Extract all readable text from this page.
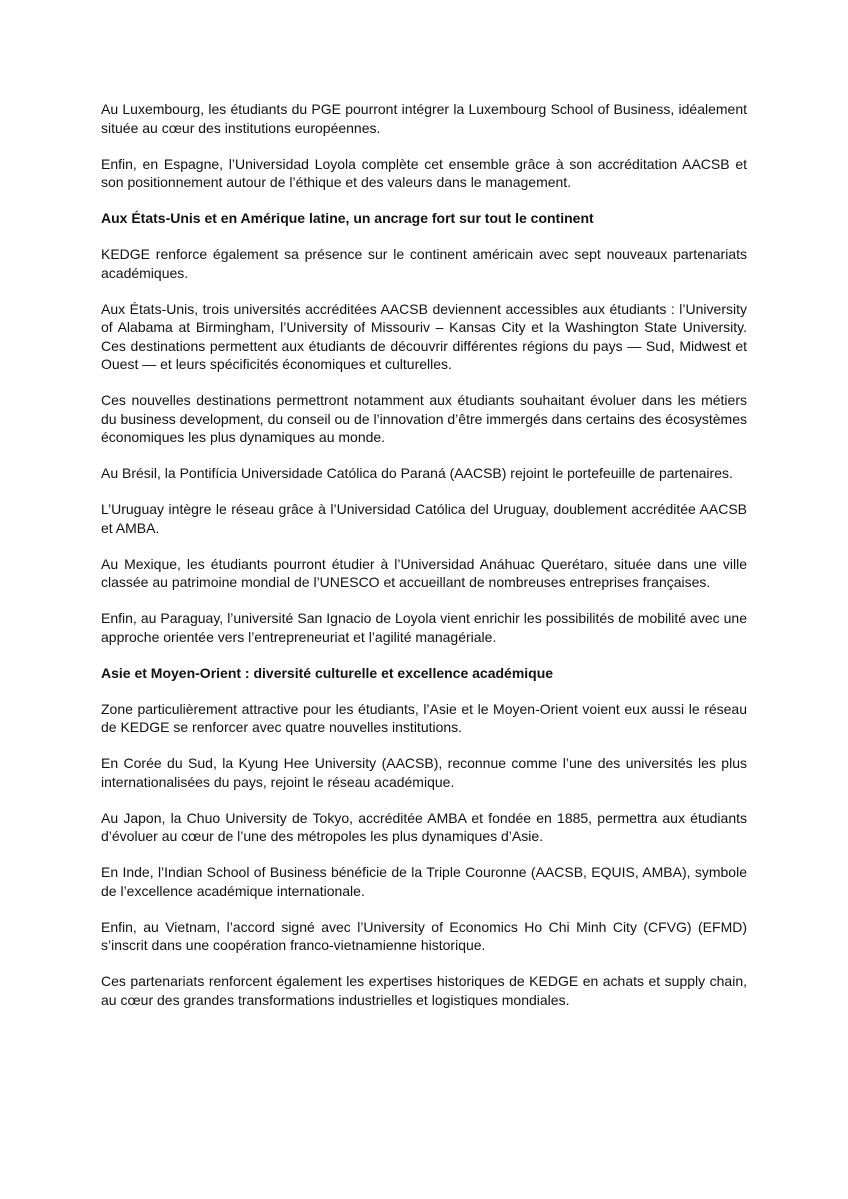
Au Luxembourg, les étudiants du PGE pourront intégrer la Luxembourg School of Business, idéalement située au cœur des institutions européennes.

Enfin, en Espagne, l’Universidad Loyola complète cet ensemble grâce à son accréditation AACSB et son positionnement autour de l’éthique et des valeurs dans le management.

Aux États-Unis et en Amérique latine, un ancrage fort sur tout le continent

KEDGE renforce également sa présence sur le continent américain avec sept nouveaux partenariats académiques.

Aux États-Unis, trois universités accréditées AACSB deviennent accessibles aux étudiants : l’University of Alabama at Birmingham, l’University of Missouriv – Kansas City et la Washington State University. Ces destinations permettent aux étudiants de découvrir différentes régions du pays — Sud, Midwest et Ouest — et leurs spécificités économiques et culturelles.

Ces nouvelles destinations permettront notamment aux étudiants souhaitant évoluer dans les métiers du business development, du conseil ou de l’innovation d’être immergés dans certains des écosystèmes économiques les plus dynamiques au monde.

Au Brésil, la Pontifícia Universidade Católica do Paraná (AACSB) rejoint le portefeuille de partenaires.

L’Uruguay intègre le réseau grâce à l’Universidad Católica del Uruguay, doublement accréditée AACSB et AMBA.

Au Mexique, les étudiants pourront étudier à l’Universidad Anáhuac Querétaro, située dans une ville classée au patrimoine mondial de l’UNESCO et accueillant de nombreuses entreprises françaises.

Enfin, au Paraguay, l’université San Ignacio de Loyola vient enrichir les possibilités de mobilité avec une approche orientée vers l’entrepreneuriat et l’agilité managériale.

Asie et Moyen-Orient : diversité culturelle et excellence académique

Zone particulièrement attractive pour les étudiants, l’Asie et le Moyen-Orient voient eux aussi le réseau de KEDGE se renforcer avec quatre nouvelles institutions.

En Corée du Sud, la Kyung Hee University (AACSB), reconnue comme l’une des universités les plus internationalisées du pays, rejoint le réseau académique.

Au Japon, la Chuo University de Tokyo, accréditée AMBA et fondée en 1885, permettra aux étudiants d’évoluer au cœur de l’une des métropoles les plus dynamiques d’Asie.

En Inde, l’Indian School of Business bénéficie de la Triple Couronne (AACSB, EQUIS, AMBA), symbole de l’excellence académique internationale.

Enfin, au Vietnam, l’accord signé avec l’University of Economics Ho Chi Minh City (CFVG) (EFMD) s’inscrit dans une coopération franco-vietnamienne historique.

Ces partenariats renforcent également les expertises historiques de KEDGE en achats et supply chain, au cœur des grandes transformations industrielles et logistiques mondiales.
